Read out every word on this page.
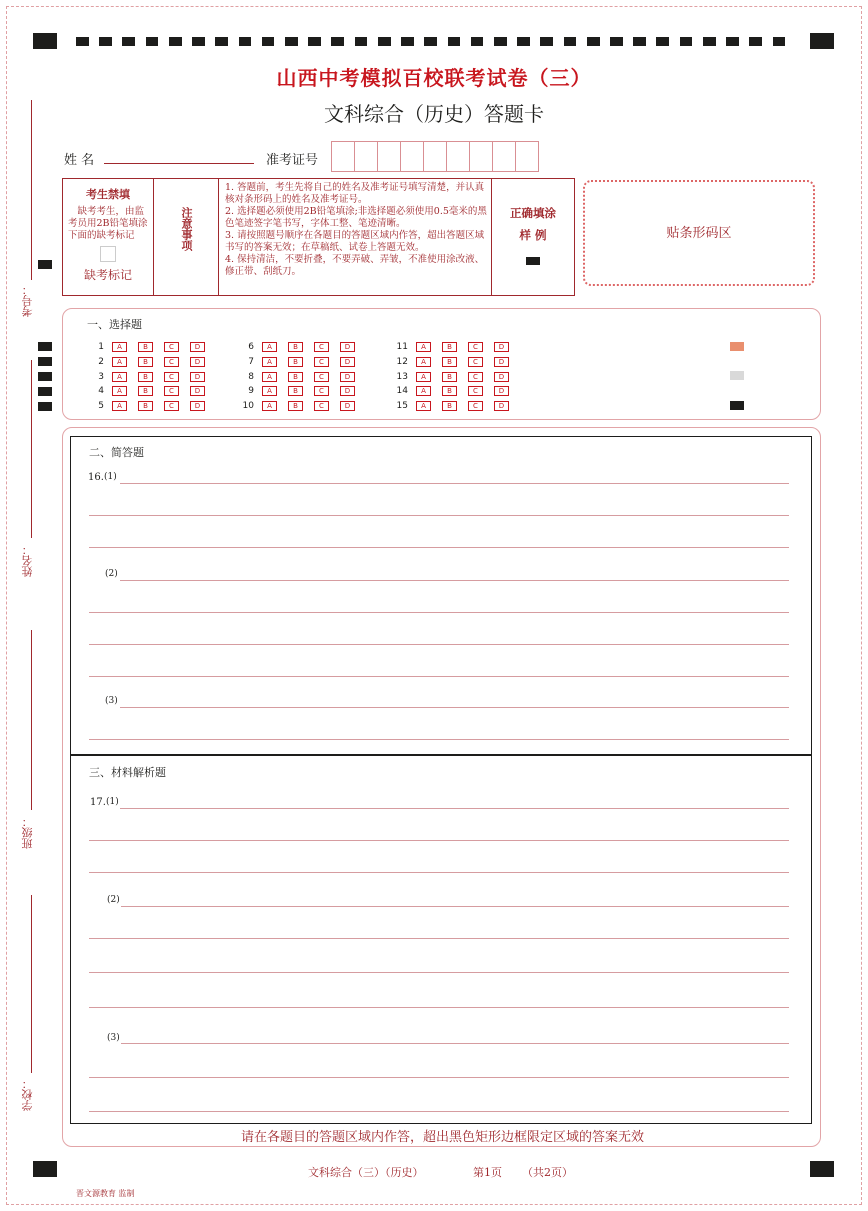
山西中考模拟百校联考试卷（三）
文科综合（历史）答题卡
姓 名	准考证号
考生禁填
缺考考生，由监考员用2B铅笔填涂下面的缺考标记
缺考标记

注意事项

1. 答题前，考生先将自己的姓名及准考证号填写清楚，并认真核对条形码上的姓名及准考证号。
2. 选择题必须使用2B铅笔填涂;非选择题必须使用0.5毫米的黑色笔迹签字笔书写，字体工整、笔迹清晰。
3. 请按照题号顺序在各题目的答题区域内作答，超出答题区域书写的答案无效；在草稿纸、试卷上答题无效。
4. 保持清洁，不要折叠，不要弄破、弄皱，不准使用涂改液、修正带、刮纸刀。

正确填涂
样 例	贴条形码区
考号：
姓名：
班级：
学校：
一、选择题
1 A	B	C	D
2 A	B	C	D
3 A	B	C	D
4 A	B	C	D
5 A	B	C	D
6 A	B	C	D
7 A	B	C	D
8 A	B	C	D
9 A	B	C	D
10 A	B	C	D
11 A	B	C	D
12 A	B	C	D
13 A	B	C	D
14 A	B	C	D
15 A	B	C	D
二、简答题
16. (1)
(2)
(3)
三、材料解析题
17. (1)
(2)
(3)
请在各题目的答题区域内作答，超出黑色矩形边框限定区域的答案无效
文科综合（三）（历史）	第1页 （共2页）
晋文源教育 监制
